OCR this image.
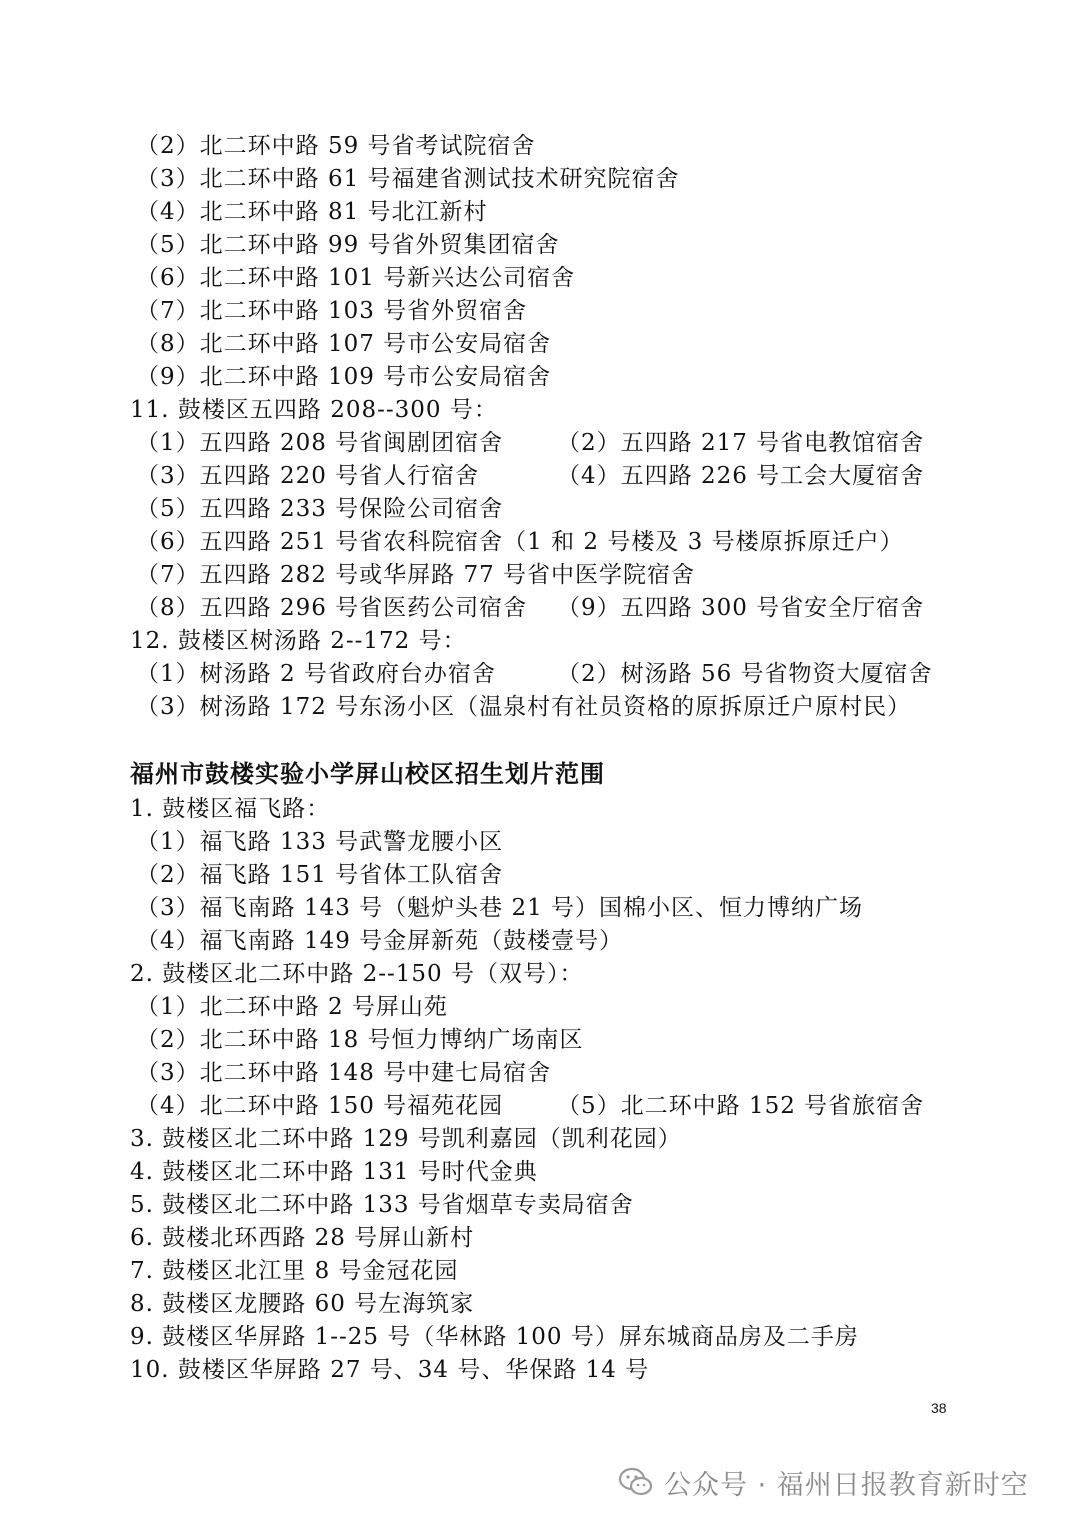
（2）北二环中路 59 号省考试院宿舍
（3）北二环中路 61 号福建省测试技术研究院宿舍
（4）北二环中路 81 号北江新村
（5）北二环中路 99 号省外贸集团宿舍
（6）北二环中路 101 号新兴达公司宿舍
（7）北二环中路 103 号省外贸宿舍
（8）北二环中路 107 号市公安局宿舍
（9）北二环中路 109 号市公安局宿舍
11. 鼓楼区五四路 208--300 号：
（1）五四路 208 号省闽剧团宿舍 （2）五四路 217 号省电教馆宿舍
（3）五四路 220 号省人行宿舍	（4）五四路 226 号工会大厦宿舍
（5）五四路 233 号保险公司宿舍
（6）五四路 251 号省农科院宿舍（1 和 2 号楼及 3 号楼原拆原迁户）
（7）五四路 282 号或华屏路 77 号省中医学院宿舍
（8）五四路 296 号省医药公司宿舍 （9）五四路 300 号省安全厅宿舍
12. 鼓楼区树汤路 2--172 号：
（1）树汤路 2 号省政府台办宿舍	（2）树汤路 56 号省物资大厦宿舍
（3）树汤路 172 号东汤小区（温泉村有社员资格的原拆原迁户原村民）
福州市鼓楼实验小学屏山校区招生划片范围
1. 鼓楼区福飞路：
（1）福飞路 133 号武警龙腰小区
（2）福飞路 151 号省体工队宿舍
（3）福飞南路 143 号（魁炉头巷 21 号）国棉小区、恒力博纳广场
（4）福飞南路 149 号金屏新苑（鼓楼壹号）
2. 鼓楼区北二环中路 2--150 号（双号）：
（1）北二环中路 2 号屏山苑
（2）北二环中路 18 号恒力博纳广场南区
（3）北二环中路 148 号中建七局宿舍
（4）北二环中路 150 号福苑花园 （5）北二环中路 152 号省旅宿舍
3. 鼓楼区北二环中路 129 号凯利嘉园（凯利花园）
4. 鼓楼区北二环中路 131 号时代金典
5. 鼓楼区北二环中路 133 号省烟草专卖局宿舍
6. 鼓楼北环西路 28 号屏山新村
7. 鼓楼区北江里 8 号金冠花园
8. 鼓楼区龙腰路 60 号左海筑家
9. 鼓楼区华屏路 1--25 号（华林路 100 号）屏东城商品房及二手房
10. 鼓楼区华屏路 27 号、34 号、华保路 14 号
38
公众号 · 福州日报教育新时空
